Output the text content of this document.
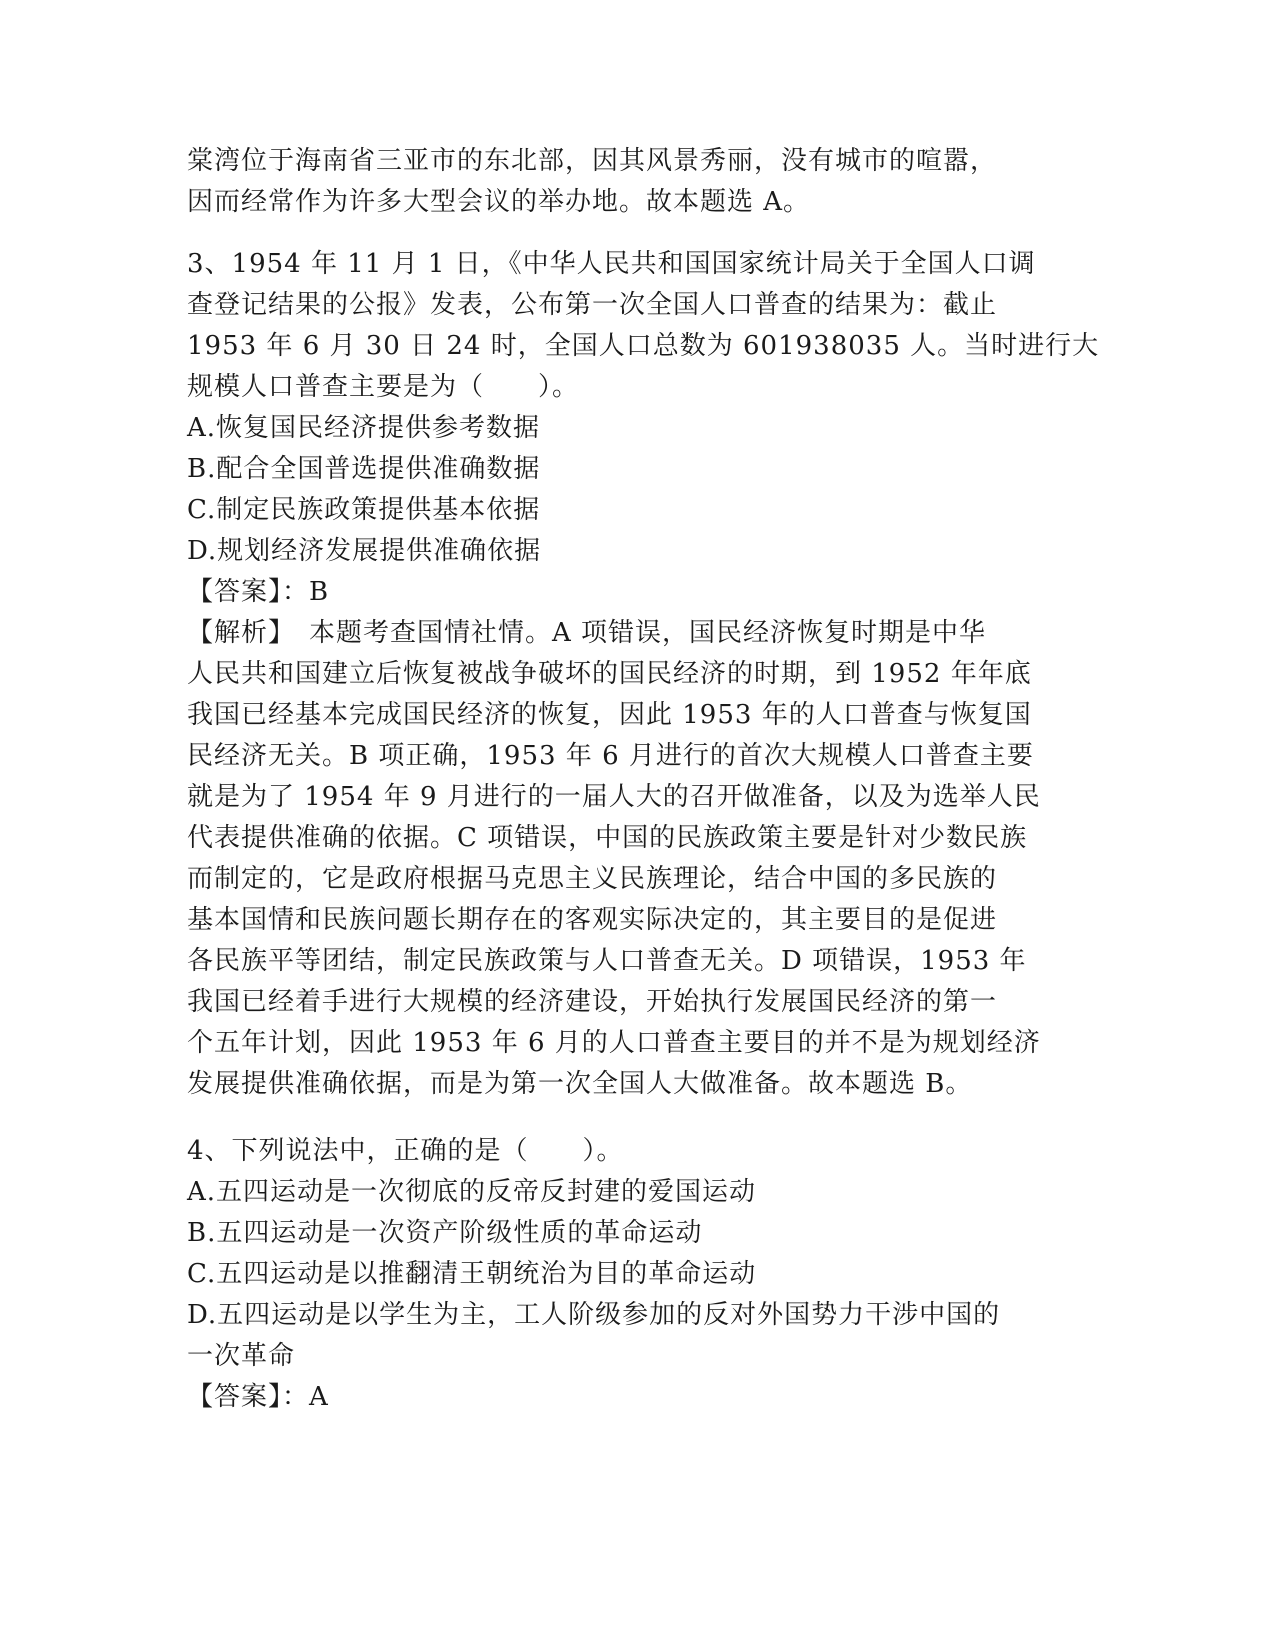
棠湾位于海南省三亚市的东北部，因其风景秀丽，没有城市的喧嚣，
因而经常作为许多大型会议的举办地。故本题选 A。
3、1954 年 11 月 1 日，《中华人民共和国国家统计局关于全国人口调
查登记结果的公报》发表，公布第一次全国人口普查的结果为：截止
1953 年 6 月 30 日 24 时，全国人口总数为 601938035 人。当时进行大
规模人口普查主要是为（　　）。
A.恢复国民经济提供参考数据
B.配合全国普选提供准确数据
C.制定民族政策提供基本依据
D.规划经济发展提供准确依据
【答案】：B
【解析】　本题考查国情社情。A 项错误，国民经济恢复时期是中华
人民共和国建立后恢复被战争破坏的国民经济的时期，到 1952 年年底
我国已经基本完成国民经济的恢复，因此 1953 年的人口普查与恢复国
民经济无关。B 项正确，1953 年 6 月进行的首次大规模人口普查主要
就是为了 1954 年 9 月进行的一届人大的召开做准备，以及为选举人民
代表提供准确的依据。C 项错误，中国的民族政策主要是针对少数民族
而制定的，它是政府根据马克思主义民族理论，结合中国的多民族的
基本国情和民族问题长期存在的客观实际决定的，其主要目的是促进
各民族平等团结，制定民族政策与人口普查无关。D 项错误，1953 年
我国已经着手进行大规模的经济建设，开始执行发展国民经济的第一
个五年计划，因此 1953 年 6 月的人口普查主要目的并不是为规划经济
发展提供准确依据，而是为第一次全国人大做准备。故本题选 B。
4、下列说法中，正确的是（　　）。
A.五四运动是一次彻底的反帝反封建的爱国运动
B.五四运动是一次资产阶级性质的革命运动
C.五四运动是以推翻清王朝统治为目的革命运动
D.五四运动是以学生为主，工人阶级参加的反对外国势力干涉中国的
一次革命
【答案】：A
